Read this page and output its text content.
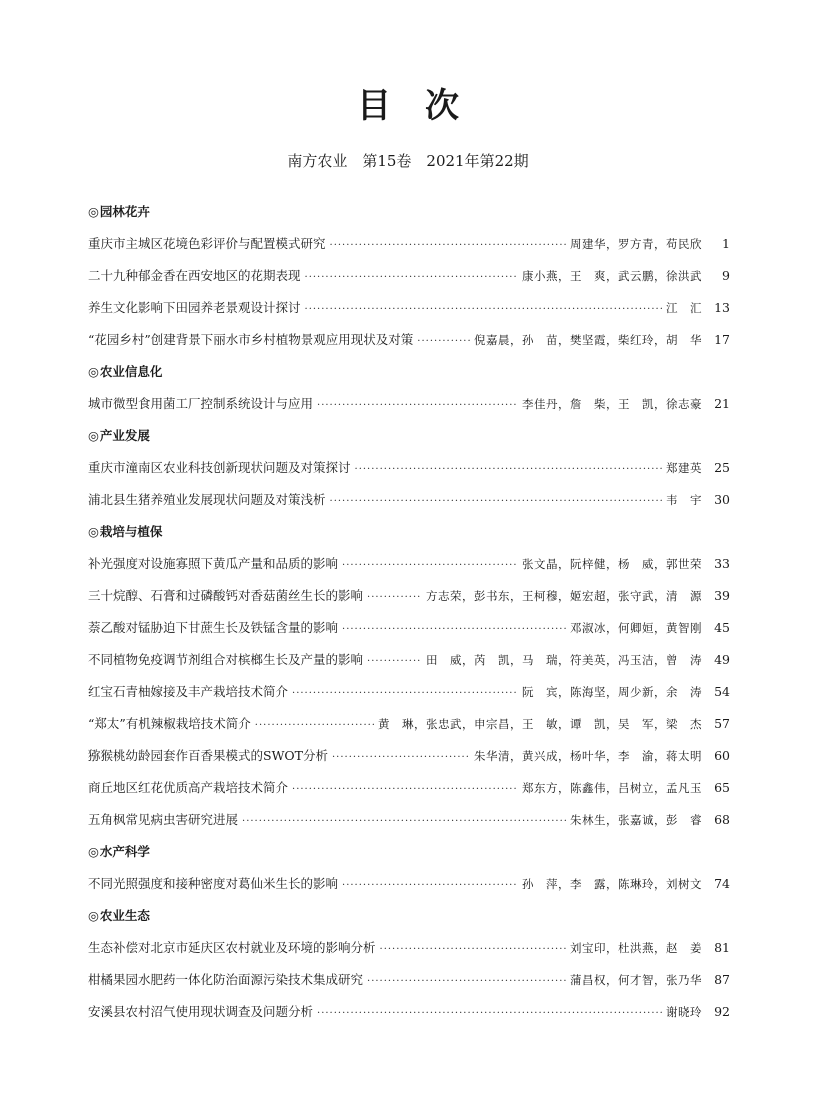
目　次
南方农业　第15卷　2021年第22期
◎园林花卉
重庆市主城区花境色彩评价与配置模式研究 ·····	周建华，罗方青，苟民欣	1
二十九种郁金香在西安地区的花期表现 ·····	康小燕，王　爽，武云鹏，徐洪武	9
养生文化影响下田园养老景观设计探讨 ·····	江　汇 13
“花园乡村”创建背景下丽水市乡村植物景观应用现状及对策 ·····	倪嘉晨，孙　苗，樊坚霞，柴红玲，胡　华 17
◎农业信息化
城市微型食用菌工厂控制系统设计与应用 ·····	李佳丹，詹　柴，王　凯，徐志豪 21
◎产业发展
重庆市潼南区农业科技创新现状问题及对策探讨 ·····	郑建英 25
浦北县生猪养殖业发展现状问题及对策浅析 ·····	韦　宇 30
◎栽培与植保
补光强度对设施寡照下黄瓜产量和品质的影响 ·····	张文晶，阮梓健，杨　威，郭世荣 33
三十烷醇、石膏和过磷酸钙对香菇菌丝生长的影响 ·····	方志荣，彭书东，王柯穆，姬宏超，张守武，清　源 39
萘乙酸对锰胁迫下甘蔗生长及铁锰含量的影响 ·····	邓淑冰，何卿姮，黄智刚 45
不同植物免疫调节剂组合对槟榔生长及产量的影响 ·····	田　威，芮　凯，马　瑞，符美英，冯玉洁，曾　涛 49
红宝石青柚嫁接及丰产栽培技术简介 ·····	阮　宾，陈海坚，周少新，余　涛 54
“郑太”有机辣椒栽培技术简介 ·····	黄　琳，张忠武，申宗昌，王　敏，谭　凯，吴　军，梁　杰 57
猕猴桃幼龄园套作百香果模式的SWOT分析 ·····	朱华清，黄兴成，杨叶华，李　渝，蒋太明 60
商丘地区红花优质高产栽培技术简介 ·····	郑东方，陈鑫伟，吕树立，孟凡玉 65
五角枫常见病虫害研究进展 ·····	朱林生，张嘉诚，彭　睿 68
◎水产科学
不同光照强度和接种密度对葛仙米生长的影响 ·····	孙　萍，李　露，陈琳玲，刘树文 74
◎农业生态
生态补偿对北京市延庆区农村就业及环境的影响分析 ·····	刘宝印，杜洪燕，赵　姜 81
柑橘果园水肥药一体化防治面源污染技术集成研究 ·····	蒲昌权，何才智，张乃华 87
安溪县农村沼气使用现状调查及问题分析 ·····	谢晓玲 92
